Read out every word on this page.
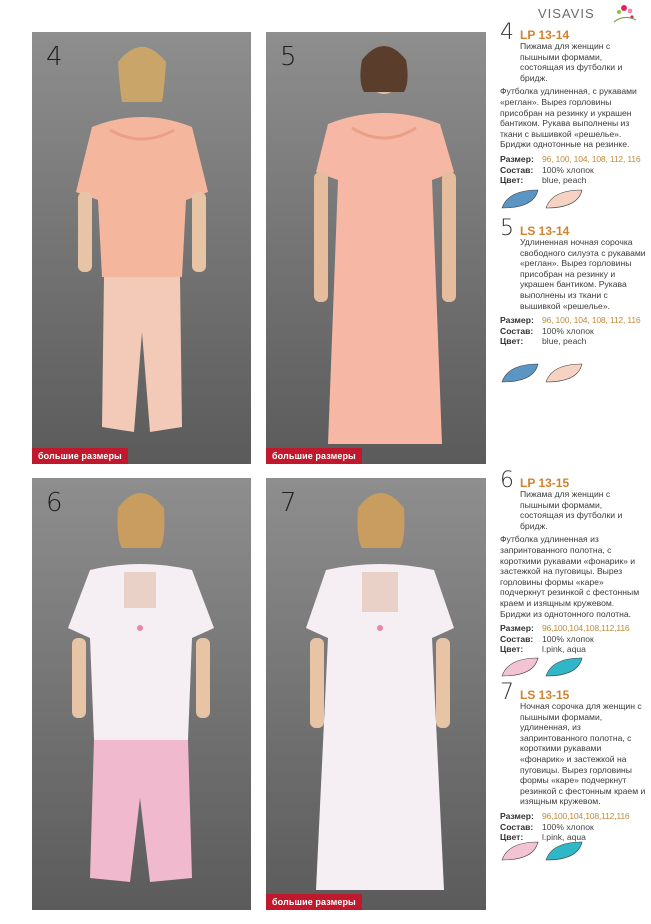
VISAVIS
4
большие размеры
5
большие размеры
6	7
большие размеры
4 LP 13-14
Пижама для женщин с пышными формами, состоящая из футболки и бридж.
Футболка удлиненная, с рукавами «реглан». Вырез горловины присобран на резинку и украшен бантиком. Рукава выполнены из ткани с вышивкой «решелье». Бриджи однотонные на резинке.
Размер: 96, 100, 104, 108, 112, 116
Состав:	100% хлопок
Цвет:	blue, peach
5 LS 13-14
Удлиненная ночная сорочка свободного силуэта с рукавами «реглан». Вырез горловины присобран на резинку и украшен бантиком. Рукава выполнены из ткани с вышивкой «решелье».
Размер: 96, 100, 104, 108, 112, 116
Состав:	100% хлопок
Цвет:	blue, peach
6 LP 13-15
Пижама для женщин с пышными формами, состоящая из футболки и бридж.
Футболка удлиненная из запринтованного полотна, с короткими рукавами «фонарик» и застежкой на пуговицы. Вырез горловины формы «каре» подчеркнут резинкой с фестонным краем и изящным кружевом. Бриджи из однотонного полотна.
Размер: 96,100,104,108,112,116
Состав:	100% хлопок
Цвет:	l.pink, aqua
7 LS 13-15
Ночная сорочка для женщин с пышными формами, удлиненная, из запринтованного полотна, с короткими рукавами «фонарик» и застежкой на пуговицы. Вырез горловины формы «каре» подчеркнут резинкой с фестонным краем и изящным кружевом.
Размер: 96,100,104,108,112,116
Состав:	100% хлопок
Цвет:	l.pink, aqua
